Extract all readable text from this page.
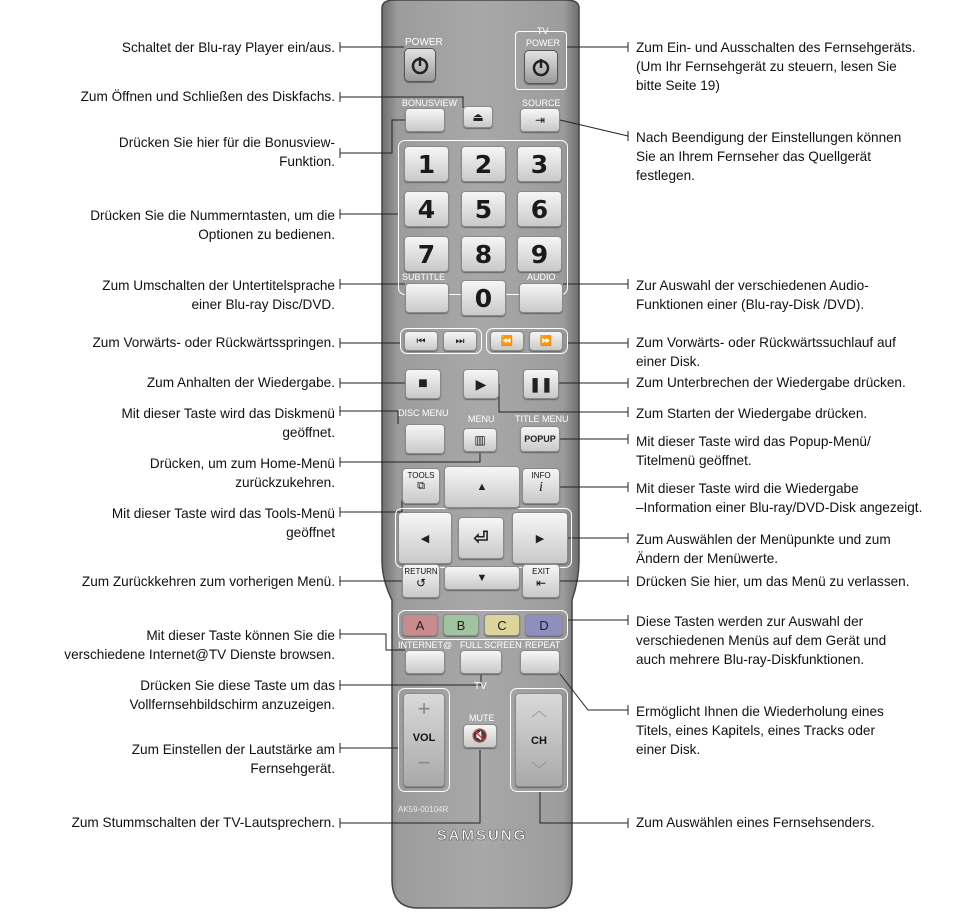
POWER
TV
POWER
BONUSVIEW
⏏
SOURCE
⇥
1	2	3
4	5	6
7	8	9
SUBTITLE
0
AUDIO
⏮	⏭	⏪	⏩
■	▶	❚❚
DISC MENU
MENU
▥
TITLE MENU
POPUP
TOOLS
⧉
INFO
i
▲
◀ ⏎	▶
▼
RETURN
↺
EXIT
⇤
A	B	C	D
INTERNET@ FULL SCREEN REPEAT
TV
+
VOL
−
MUTE
🔇
︿
CH
﹀
AK59-00104R
SAMSUNG
Schaltet der Blu-ray Player ein/aus.
Zum Öffnen und Schließen des Diskfachs.
Drücken Sie hier für die Bonusview-
Funktion.
Drücken Sie die Nummerntasten, um die
Optionen zu bedienen.
Zum Umschalten der Untertitelsprache
einer Blu-ray Disc/DVD.
Zum Vorwärts- oder Rückwärtsspringen.
Zum Anhalten der Wiedergabe.
Mit dieser Taste wird das Diskmenü
geöffnet.
Drücken, um zum Home-Menü
zurückzukehren.
Mit dieser Taste wird das Tools-Menü
geöffnet
Zum Zurückkehren zum vorherigen Menü.
Mit dieser Taste können Sie die
verschiedene Internet@TV Dienste browsen.
Drücken Sie diese Taste um das
Vollfernsehbildschirm anzuzeigen.
Zum Einstellen der Lautstärke am
Fernsehgerät.
Zum Stummschalten der TV-Lautsprechern.
Zum Ein- und Ausschalten des Fernsehgeräts.
(Um Ihr Fernsehgerät zu steuern, lesen Sie
bitte Seite 19)
Nach Beendigung der Einstellungen können
Sie an Ihrem Fernseher das Quellgerät
festlegen.
Zur Auswahl der verschiedenen Audio-
Funktionen einer (Blu-ray-Disk /DVD).
Zum Vorwärts- oder Rückwärtssuchlauf auf
einer Disk.
Zum Unterbrechen der Wiedergabe drücken.
Zum Starten der Wiedergabe drücken.
Mit dieser Taste wird das Popup-Menü/
Titelmenü geöffnet.
Mit dieser Taste wird die Wiedergabe
–Information einer Blu-ray/DVD-Disk angezeigt.
Zum Auswählen der Menüpunkte und zum
Ändern der Menüwerte.
Drücken Sie hier, um das Menü zu verlassen.
Diese Tasten werden zur Auswahl der
verschiedenen Menüs auf dem Gerät und
auch mehrere Blu-ray-Diskfunktionen.
Ermöglicht Ihnen die Wiederholung eines
Titels, eines Kapitels, eines Tracks oder
einer Disk.
Zum Auswählen eines Fernsehsenders.
